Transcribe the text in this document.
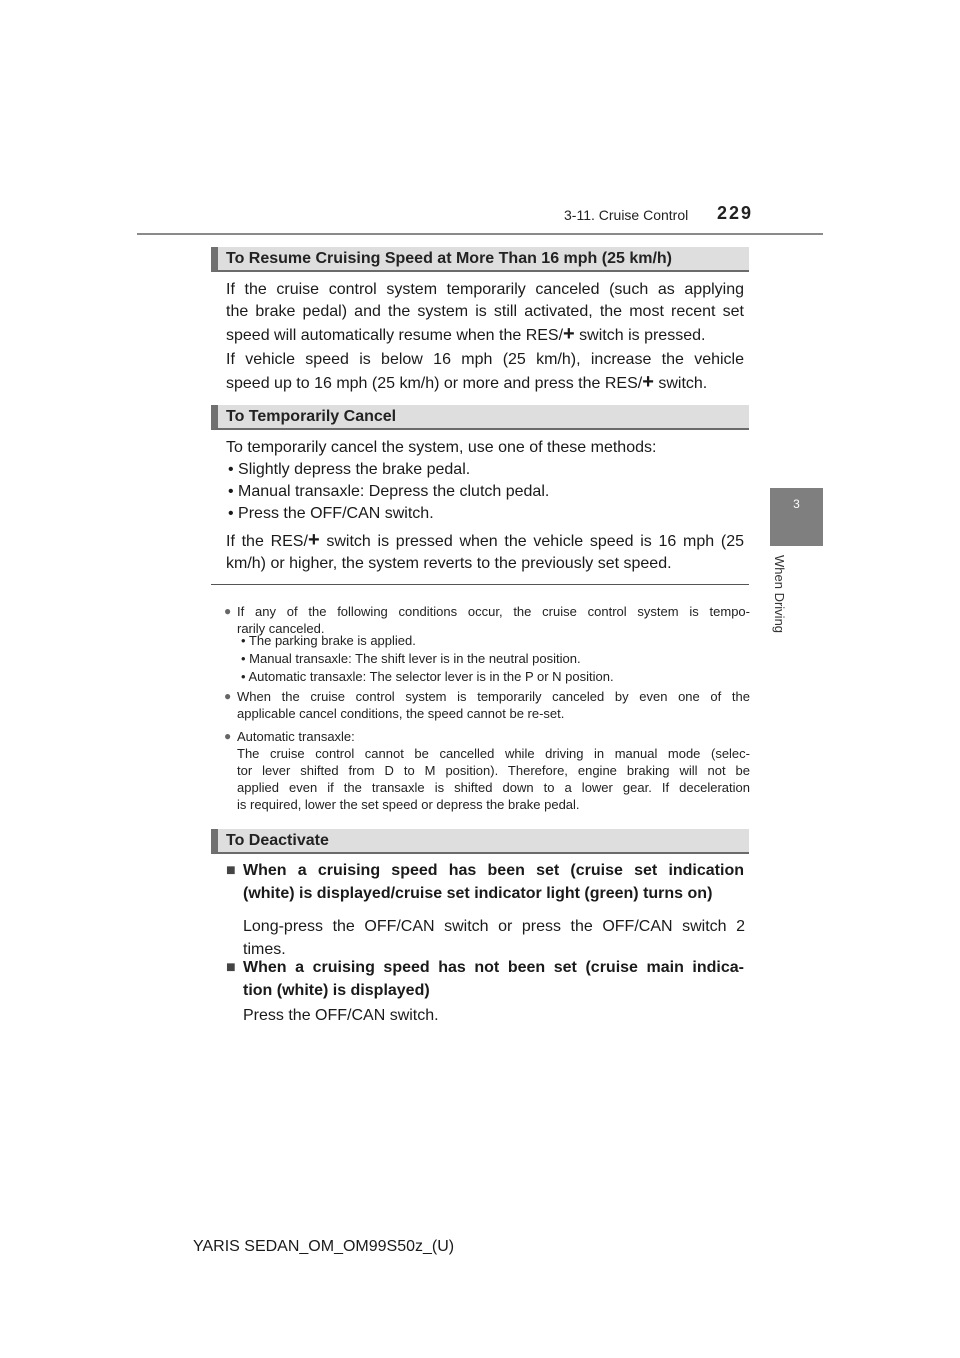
3-11. Cruise Control 229
3
When Driving
To Resume Cruising Speed at More Than 16 mph (25 km/h)
If the cruise control system temporarily canceled (such as applying
the brake pedal) and the system is still activated, the most recent set
speed will automatically resume when the RES/+ switch is pressed.
If vehicle speed is below 16 mph (25 km/h), increase the vehicle
speed up to 16 mph (25 km/h) or more and press the RES/+ switch.
To Temporarily Cancel
To temporarily cancel the system, use one of these methods:
• Slightly depress the brake pedal.
• Manual transaxle: Depress the clutch pedal.
• Press the OFF/CAN switch.
If the RES/+ switch is pressed when the vehicle speed is 16 mph (25
km/h) or higher, the system reverts to the previously set speed.
● If any of the following conditions occur, the cruise control system is tempo-
rarily canceled.
• The parking brake is applied.
• Manual transaxle: The shift lever is in the neutral position.
• Automatic transaxle: The selector lever is in the P or N position.
● When the cruise control system is temporarily canceled by even one of the
applicable cancel conditions, the speed cannot be re-set.
● Automatic transaxle:
The cruise control cannot be cancelled while driving in manual mode (selec-
tor lever shifted from D to M position). Therefore, engine braking will not be
applied even if the transaxle is shifted down to a lower gear. If deceleration
is required, lower the set speed or depress the brake pedal.
To Deactivate
■ When a cruising speed has been set (cruise set indication
(white) is displayed/cruise set indicator light (green) turns on)
Long-press the OFF/CAN switch or press the OFF/CAN switch 2
times.
■ When a cruising speed has not been set (cruise main indica-
tion (white) is displayed)
Press the OFF/CAN switch.
YARIS SEDAN_OM_OM99S50z_(U)
